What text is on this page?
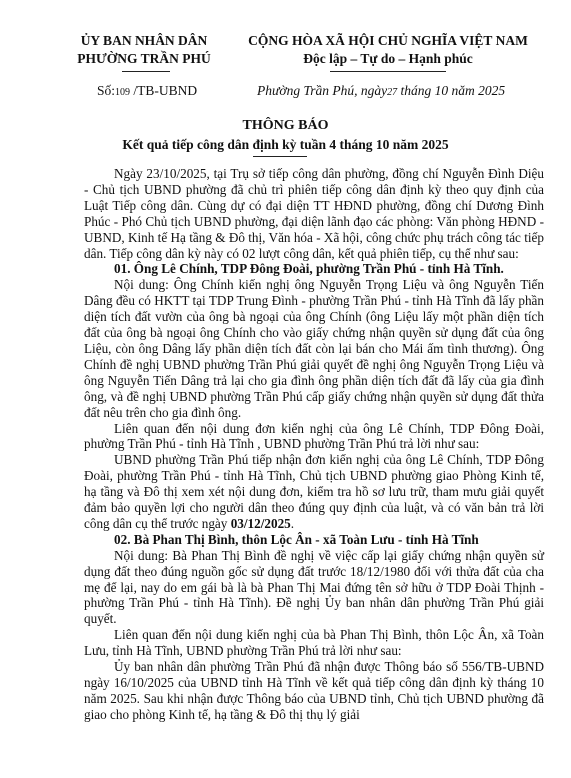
ỦY BAN NHÂN DÂN
PHƯỜNG TRẦN PHÚ
CỘNG HÒA XÃ HỘI CHỦ NGHĨA VIỆT NAM
Độc lập – Tự do – Hạnh phúc
Số:109 /TB-UBND	Phường Trần Phú, ngày27 tháng 10 năm 2025
THÔNG BÁO
Kết quả tiếp công dân định kỳ tuần 4 tháng 10 năm 2025

Ngày 23/10/2025, tại Trụ sở tiếp công dân phường, đồng chí Nguyễn Đình Diệu - Chủ tịch UBND phường đã chủ trì phiên tiếp công dân định kỳ theo quy định của Luật Tiếp công dân. Cùng dự có đại diện TT HĐND phường, đồng chí Dương Đình Phúc - Phó Chủ tịch UBND phường, đại diện lãnh đạo các phòng: Văn phòng HĐND - UBND, Kinh tế Hạ tầng & Đô thị, Văn hóa - Xã hội, công chức phụ trách công tác tiếp dân. Tiếp công dân kỳ này có 02 lượt công dân, kết quả phiên tiếp, cụ thể như sau:

01. Ông Lê Chính, TDP Đông Đoài, phường Trần Phú - tỉnh Hà Tĩnh.

Nội dung: Ông Chính kiến nghị ông Nguyễn Trọng Liệu và ông Nguyễn Tiến Dâng đều có HKTT tại TDP Trung Đình - phường Trần Phú - tỉnh Hà Tĩnh đã lấy phần diện tích đất vườn của ông bà ngoại của ông Chính (ông Liệu lấy một phần diện tích đất của ông bà ngoại ông Chính cho vào giấy chứng nhận quyền sử dụng đất của ông Liệu, còn ông Dâng lấy phần diện tích đất còn lại bán cho Mái ấm tình thương). Ông Chính đề nghị UBND phường Trần Phú giải quyết đề nghị ông Nguyễn Trọng Liệu và ông Nguyễn Tiến Dâng trả lại cho gia đình ông phần diện tích đất đã lấy của gia đình ông, và đề nghị UBND phường Trần Phú cấp giấy chứng nhận quyền sử dụng đất thửa đất nêu trên cho gia đình ông.

Liên quan đến nội dung đơn kiến nghị của ông Lê Chính, TDP Đông Đoài, phường Trần Phú - tỉnh Hà Tĩnh , UBND phường Trần Phú trả lời như sau:

UBND phường Trần Phú tiếp nhận đơn kiến nghị của ông Lê Chính, TDP Đông Đoài, phường Trần Phú - tỉnh Hà Tĩnh, Chủ tịch UBND phường giao Phòng Kinh tế, hạ tầng và Đô thị xem xét nội dung đơn, kiểm tra hồ sơ lưu trữ, tham mưu giải quyết đảm bảo quyền lợi cho người dân theo đúng quy định của luật, và có văn bản trả lời công dân cụ thể trước ngày 03/12/2025.

02. Bà Phan Thị Bình, thôn Lộc Ân - xã Toàn Lưu - tỉnh Hà Tĩnh

Nội dung: Bà Phan Thị Bình đề nghị về việc cấp lại giấy chứng nhận quyền sử dụng đất theo đúng nguồn gốc sử dụng đất trước 18/12/1980 đối với thửa đất của cha mẹ để lại, nay do em gái bà là bà Phan Thị Mai đứng tên sở hữu ở TDP Đoài Thịnh - phường Trần Phú - tỉnh Hà Tĩnh). Đề nghị Ủy ban nhân dân phường Trần Phú giải quyết.

Liên quan đến nội dung kiến nghị của bà Phan Thị Bình, thôn Lộc Ân, xã Toàn Lưu, tỉnh Hà Tĩnh, UBND phường Trần Phú trả lời như sau:

Ủy ban nhân dân phường Trần Phú đã nhận được Thông báo số 556/TB-UBND ngày 16/10/2025 của UBND tỉnh Hà Tĩnh về kết quả tiếp công dân định kỳ tháng 10 năm 2025. Sau khi nhận được Thông báo của UBND tỉnh, Chủ tịch UBND phường đã giao cho phòng Kinh tế, hạ tầng & Đô thị thụ lý giải
